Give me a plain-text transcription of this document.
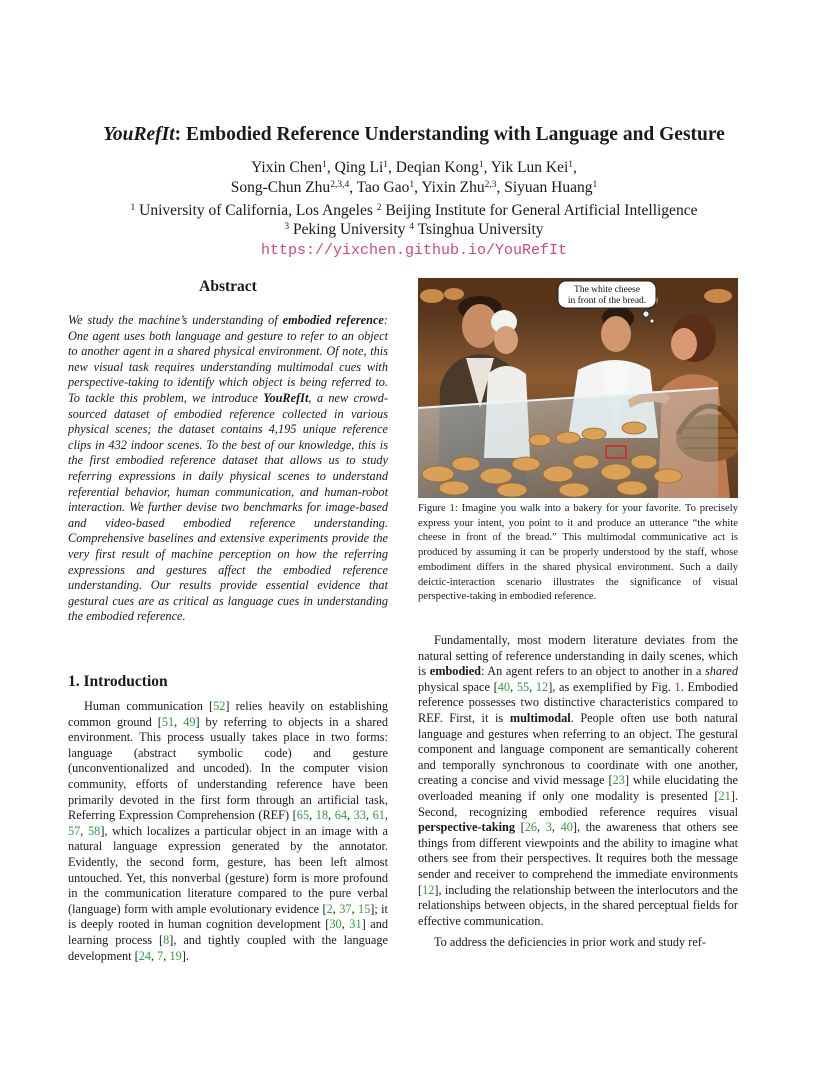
YouRefIt: Embodied Reference Understanding with Language and Gesture
Yixin Chen$^1$, Qing Li$^1$, Deqian Kong$^1$, Yik Lun Kei$^1$,
Song-Chun Zhu$^{2,3,4}$, Tao Gao$^1$, Yixin Zhu$^{2,3}$, Siyuan Huang$^1$
$^1$ University of California, Los Angeles $^2$ Beijing Institute for General Artificial Intelligence
$^3$ Peking University $^4$ Tsinghua University
https://yixchen.github.io/YouRefIt
Abstract
We study the machine’s understanding of embodied reference: One agent uses both language and gesture to refer to an object to another agent in a shared physical environment. Of note, this new visual task requires understanding multimodal cues with perspective-taking to identify which object is being referred to. To tackle this problem, we introduce YouRefIt, a new crowd-sourced dataset of embodied reference collected in various physical scenes; the dataset contains 4,195 unique reference clips in 432 indoor scenes. To the best of our knowledge, this is the first embodied reference dataset that allows us to study referring expressions in daily physical scenes to understand referential behavior, human communication, and human-robot interaction. We further devise two benchmarks for image-based and video-based embodied reference understanding. Comprehensive baselines and extensive experiments provide the very first result of machine perception on how the referring expressions and gestures affect the embodied reference understanding. Our results provide essential evidence that gestural cues are as critical as language cues in understanding the embodied reference.
1. Introduction

Human communication [52] relies heavily on establishing common ground [51, 49] by referring to objects in a shared environment. This process usually takes place in two forms: language (abstract symbolic code) and gesture (unconventionalized and uncoded). In the computer vision community, efforts of understanding reference have been primarily devoted in the first form through an artificial task, Referring Expression Comprehension (REF) [65, 18, 64, 33, 61, 57, 58], which localizes a particular object in an image with a natural language expression generated by the annotator. Evidently, the second form, gesture, has been left almost untouched. Yet, this nonverbal (gesture) form is more profound in the communication literature compared to the pure verbal (language) form with ample evolutionary evidence [2, 37, 15]; it is deeply rooted in human cognition development [30, 31] and learning process [8], and tightly coupled with the language development [24, 7, 19].

The white cheese
in front of the bread.
Figure 1: Imagine you walk into a bakery for your favorite. To precisely express your intent, you point to it and produce an utterance “the white cheese in front of the bread.” This multimodal communicative act is produced by assuming it can be properly understood by the staff, whose embodiment differs in the shared physical environment. Such a daily deictic-interaction scenario illustrates the significance of visual perspective-taking in embodied reference.

Fundamentally, most modern literature deviates from the natural setting of reference understanding in daily scenes, which is embodied: An agent refers to an object to another in a shared physical space [40, 55, 12], as exemplified by Fig. 1. Embodied reference possesses two distinctive characteristics compared to REF. First, it is multimodal. People often use both natural language and gestures when referring to an object. The gestural component and language component are semantically coherent and temporally synchronous to coordinate with one another, creating a concise and vivid message [23] while elucidating the overloaded meaning if only one modality is presented [21]. Second, recognizing embodied reference requires visual perspective-taking [26, 3, 40], the awareness that others see things from different viewpoints and the ability to imagine what others see from their perspectives. It requires both the message sender and receiver to comprehend the immediate environments [12], including the relationship between the interlocutors and the relationships between objects, in the shared perceptual fields for effective communication.

To address the deficiencies in prior work and study ref-
